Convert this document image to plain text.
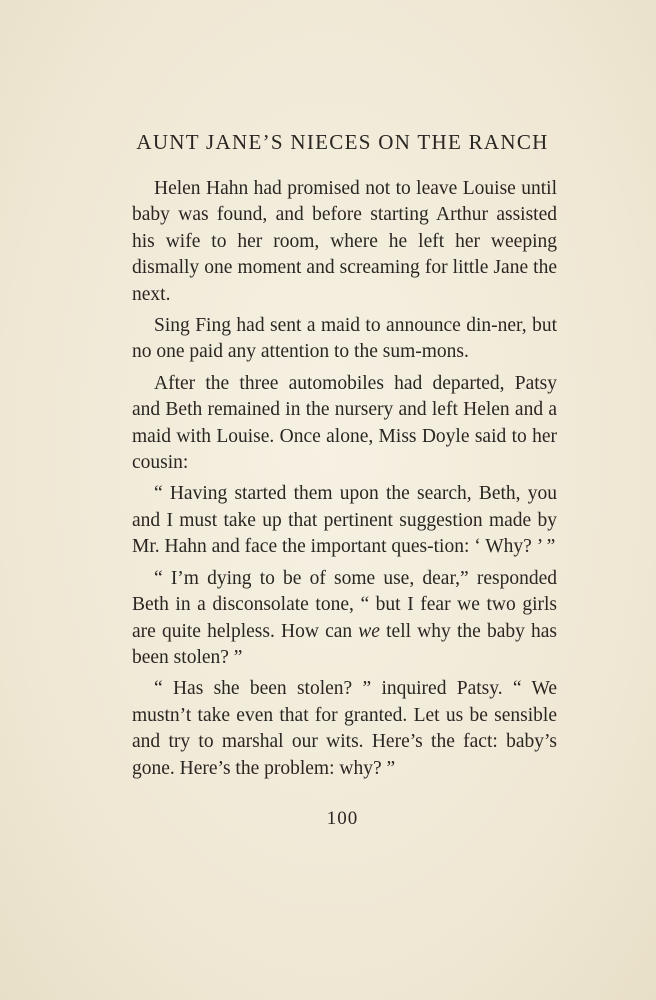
AUNT JANE’S NIECES ON THE RANCH

Helen Hahn had promised not to leave Louise until baby was found, and before starting Arthur assisted his wife to her room, where he left her weeping dismally one moment and screaming for little Jane the next.

Sing Fing had sent a maid to announce din-ner, but no one paid any attention to the sum-mons.

After the three automobiles had departed, Patsy and Beth remained in the nursery and left Helen and a maid with Louise. Once alone, Miss Doyle said to her cousin:

“ Having started them upon the search, Beth, you and I must take up that pertinent suggestion made by Mr. Hahn and face the important ques-tion: ‘ Why? ’ ”

“ I’m dying to be of some use, dear,” responded Beth in a disconsolate tone, “ but I fear we two girls are quite helpless. How can we tell why the baby has been stolen? ”

“ Has she been stolen? ” inquired Patsy. “ We mustn’t take even that for granted. Let us be sensible and try to marshal our wits. Here’s the fact: baby’s gone. Here’s the problem: why? ”

100
